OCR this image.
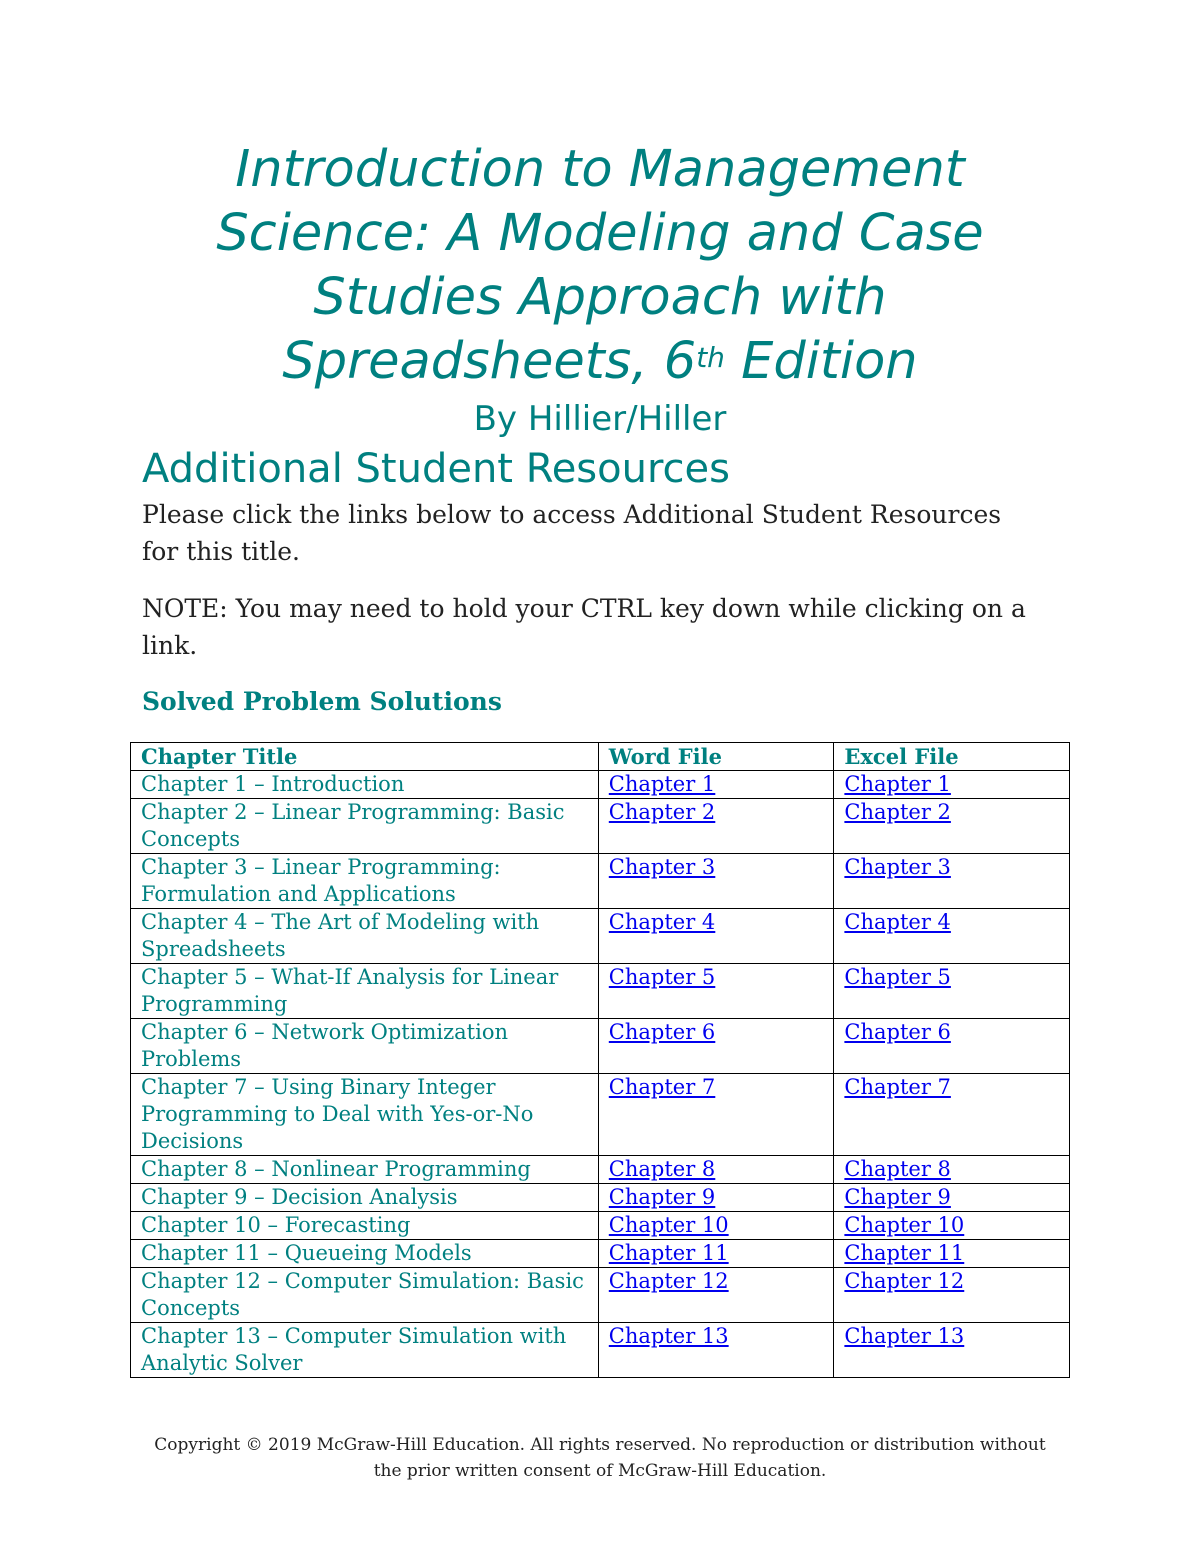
Introduction to Management
Science: A Modeling and Case
Studies Approach with
Spreadsheets, 6th Edition
By Hillier/Hiller
Additional Student Resources
Please click the links below to access Additional Student Resources for this title.
NOTE: You may need to hold your CTRL key down while clicking on a link.
Solved Problem Solutions
Chapter Title	Word File	Excel File
Chapter 1 – Introduction	Chapter 1	Chapter 1
Chapter 2 – Linear Programming: Basic Concepts	Chapter 2	Chapter 2
Chapter 3 – Linear Programming: Formulation and Applications	Chapter 3	Chapter 3
Chapter 4 – The Art of Modeling with Spreadsheets	Chapter 4	Chapter 4
Chapter 5 – What-If Analysis for Linear Programming	Chapter 5	Chapter 5
Chapter 6 – Network Optimization Problems	Chapter 6	Chapter 6
Chapter 7 – Using Binary Integer Programming to Deal with Yes-or-No Decisions	Chapter 7	Chapter 7
Chapter 8 – Nonlinear Programming	Chapter 8	Chapter 8
Chapter 9 – Decision Analysis	Chapter 9	Chapter 9
Chapter 10 – Forecasting	Chapter 10	Chapter 10
Chapter 11 – Queueing Models	Chapter 11	Chapter 11
Chapter 12 – Computer Simulation: Basic Concepts	Chapter 12	Chapter 12
Chapter 13 – Computer Simulation with Analytic Solver	Chapter 13	Chapter 13
Copyright © 2019 McGraw-Hill Education. All rights reserved. No reproduction or distribution without
the prior written consent of McGraw-Hill Education.
